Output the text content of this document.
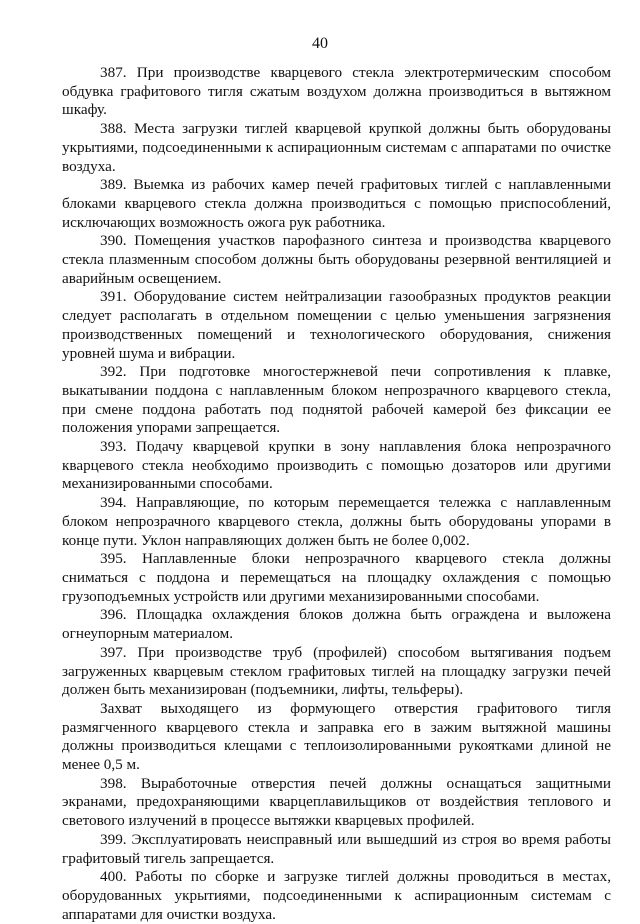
40

387. При производстве кварцевого стекла электротермическим способом обдувка графитового тигля сжатым воздухом должна производиться в вытяжном шкафу.

388. Места загрузки тиглей кварцевой крупкой должны быть оборудованы укрытиями, подсоединенными к аспирационным системам с аппаратами по очистке воздуха.

389. Выемка из рабочих камер печей графитовых тиглей с наплавленными блоками кварцевого стекла должна производиться с помощью приспособлений, исключающих возможность ожога рук работника.

390. Помещения участков парофазного синтеза и производства кварцевого стекла плазменным способом должны быть оборудованы резервной вентиляцией и аварийным освещением.

391. Оборудование систем нейтрализации газообразных продуктов реакции следует располагать в отдельном помещении с целью уменьшения загрязнения производственных помещений и технологического оборудования, снижения уровней шума и вибрации.

392. При подготовке многостержневой печи сопротивления к плавке, выкатывании поддона с наплавленным блоком непрозрачного кварцевого стекла, при смене поддона работать под поднятой рабочей камерой без фиксации ее положения упорами запрещается.

393. Подачу кварцевой крупки в зону наплавления блока непрозрачного кварцевого стекла необходимо производить с помощью дозаторов или другими механизированными способами.

394. Направляющие, по которым перемещается тележка с наплавленным блоком непрозрачного кварцевого стекла, должны быть оборудованы упорами в конце пути. Уклон направляющих должен быть не более 0,002.

395. Наплавленные блоки непрозрачного кварцевого стекла должны сниматься с поддона и перемещаться на площадку охлаждения с помощью грузоподъемных устройств или другими механизированными способами.

396. Площадка охлаждения блоков должна быть ограждена и выложена огнеупорным материалом.

397. При производстве труб (профилей) способом вытягивания подъем загруженных кварцевым стеклом графитовых тиглей на площадку загрузки печей должен быть механизирован (подъемники, лифты, тельферы).

Захват выходящего из формующего отверстия графитового тигля размягченного кварцевого стекла и заправка его в зажим вытяжной машины должны производиться клещами с теплоизолированными рукоятками длиной не менее 0,5 м.

398. Выработочные отверстия печей должны оснащаться защитными экранами, предохраняющими кварцеплавильщиков от воздействия теплового и светового излучений в процессе вытяжки кварцевых профилей.

399. Эксплуатировать неисправный или вышедший из строя во время работы графитовый тигель запрещается.

400. Работы по сборке и загрузке тиглей должны проводиться в местах, оборудованных укрытиями, подсоединенными к аспирационным системам с аппаратами для очистки воздуха.
